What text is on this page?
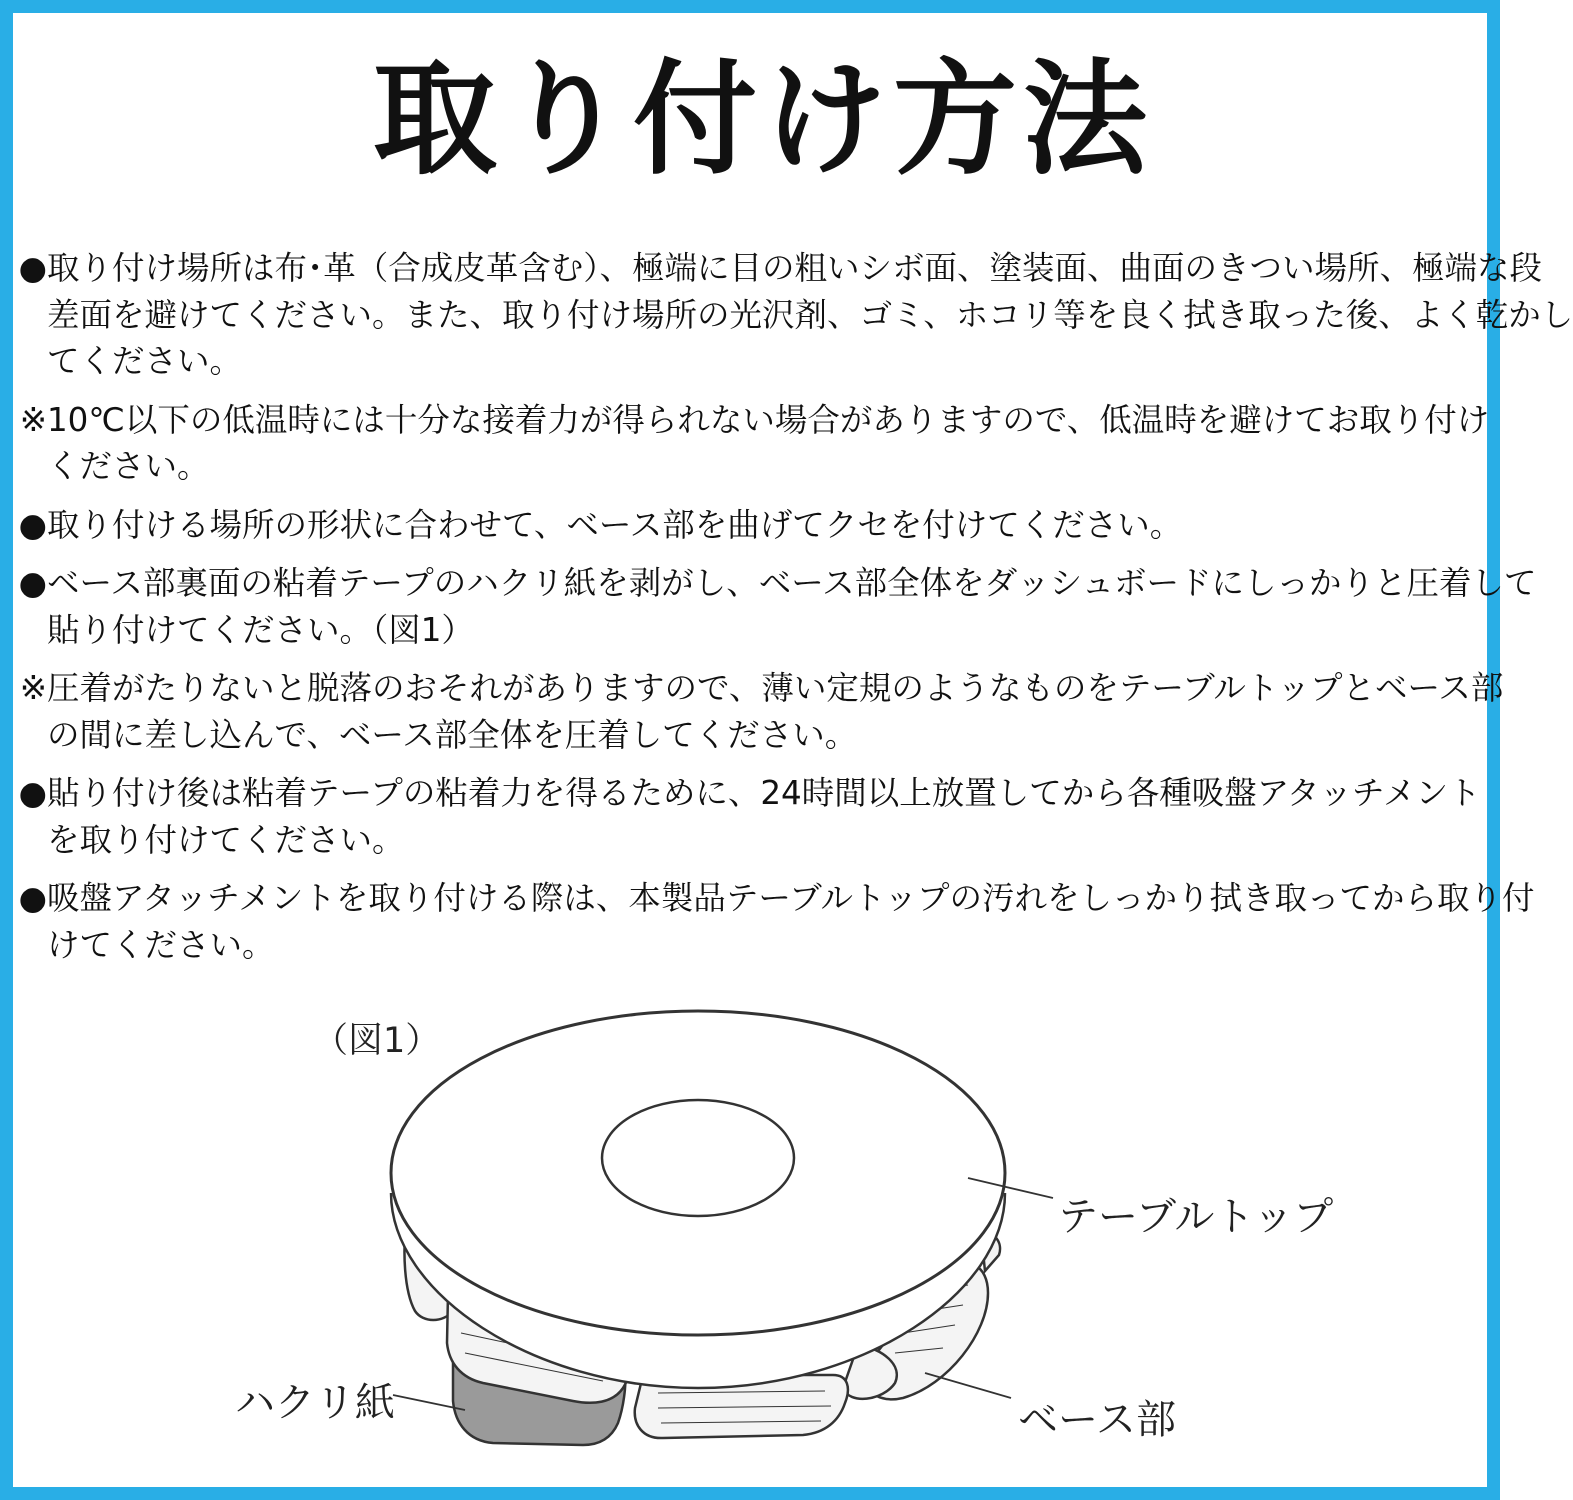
取り付け方法
●取り付け場所は布･革（合成皮革含む）、極端に目の粗いシボ面、塗装面、曲面のきつい場所、極端な段
差面を避けてください。また、取り付け場所の光沢剤、ゴミ、ホコリ等を良く拭き取った後、よく乾かし
てください。
※10℃以下の低温時には十分な接着力が得られない場合がありますので、低温時を避けてお取り付け
ください。
●取り付ける場所の形状に合わせて、ベース部を曲げてクセを付けてください。
●ベース部裏面の粘着テープのハクリ紙を剥がし、ベース部全体をダッシュボードにしっかりと圧着して
貼り付けてください。（図1）
※圧着がたりないと脱落のおそれがありますので、薄い定規のようなものをテーブルトップとベース部
の間に差し込んで、ベース部全体を圧着してください。
●貼り付け後は粘着テープの粘着力を得るために、24時間以上放置してから各種吸盤アタッチメント
を取り付けてください。
●吸盤アタッチメントを取り付ける際は、本製品テーブルトップの汚れをしっかり拭き取ってから取り付
けてください。
（図1）
テーブルトップ
ハクリ紙	ベース部
